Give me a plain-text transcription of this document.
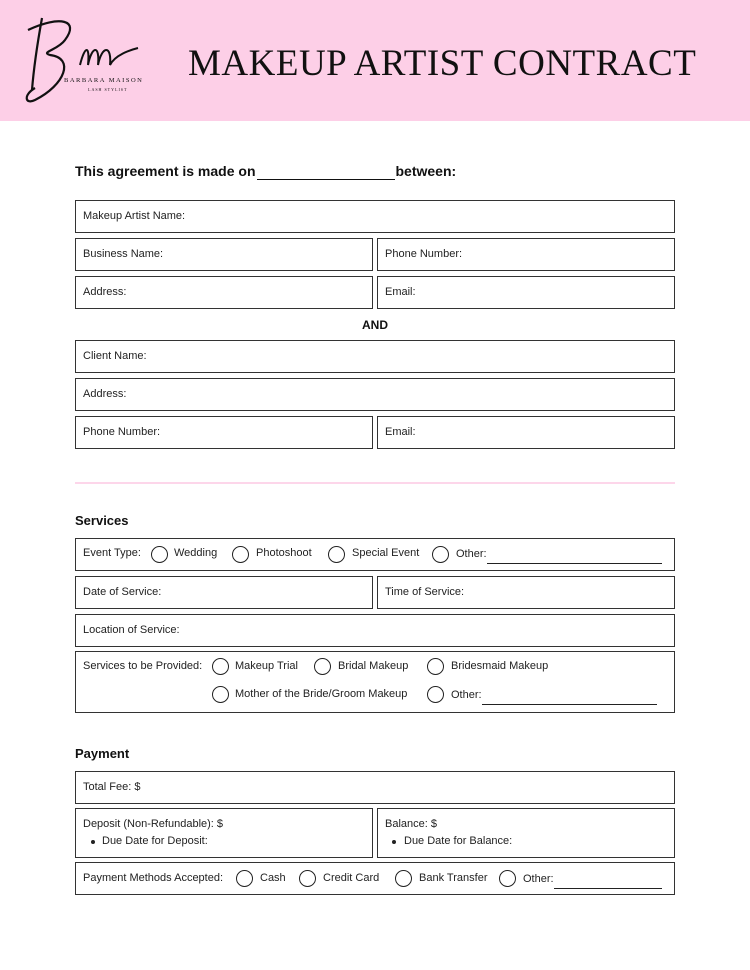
BARBARA MAISON
LASH STYLIST
MAKEUP ARTIST CONTRACT
This agreement is made on	between:
Makeup Artist Name:
Business Name:	Phone Number:
Address:	Email:
AND
Client Name:
Address:
Phone Number:	Email:
Services
Event Type:	Wedding	Photoshoot	Special Event	Other:
Date of Service:	Time of Service:
Location of Service:
Services to be Provided:	Makeup Trial	Bridal Makeup	Bridesmaid Makeup
Mother of the Bride/Groom Makeup	Other:
Payment
Total Fee: $
Deposit (Non-Refundable): $
Due Date for Deposit:
Balance: $
Due Date for Balance:
Payment Methods Accepted:	Cash	Credit Card	Bank Transfer	Other:
